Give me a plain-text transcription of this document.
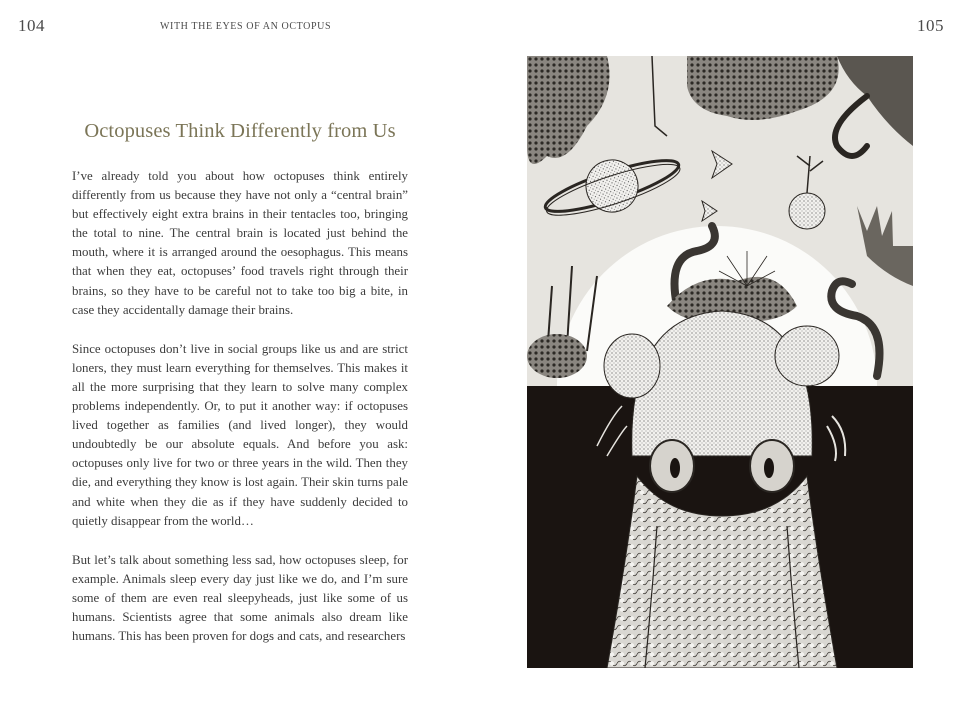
104	WITH THE EYES OF AN OCTOPUS	105
Octopuses Think Differently from Us

I’ve already told you about how octopuses think entirely differently from us because they have not only a “central brain” but effectively eight extra brains in their tentacles too, bringing the total to nine. The central brain is located just behind the mouth, where it is arranged around the oesophagus. This means that when they eat, octopuses’ food travels right through their brains, so they have to be careful not to take too big a bite, in case they accidentally damage their brains.

Since octopuses don’t live in social groups like us and are strict loners, they must learn everything for themselves. This makes it all the more surprising that they learn to solve many complex problems independently. Or, to put it another way: if octopuses lived together as families (and lived longer), they would undoubtedly be our absolute equals. And before you ask: octopuses only live for two or three years in the wild. Then they die, and everything they know is lost again. Their skin turns pale and white when they die as if they have suddenly decided to quietly disappear from the world…

But let’s talk about something less sad, how octopuses sleep, for example. Animals sleep every day just like we do, and I’m sure some of them are even real sleepyheads, just like some of us humans. Scientists agree that some animals also dream like humans. This has been proven for dogs and cats, and researchers
